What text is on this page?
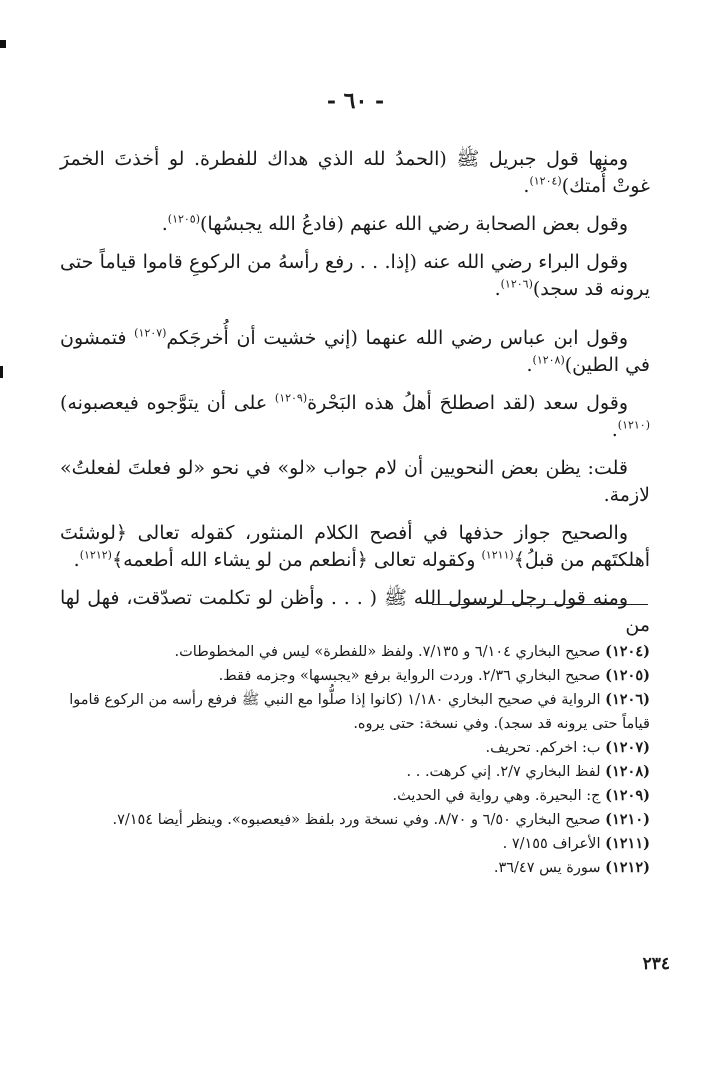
- ٦٠ -

ومنها قول جبريل ﷺ (الحمدُ لله الذي هداك للفطرة. لو أخذتَ الخمرَ غوتْ أُمتك)$^{(١٢٠٤)}$.

وقول بعض الصحابة رضي الله عنهم (فادعُ الله يجبسُها)$^{(١٢٠٥)}$.

وقول البراء رضي الله عنه (إذا. . . رفع رأسهُ من الركوعِ قاموا قياماً حتى يرونه قد سجد)$^{(١٢٠٦)}$.

وقول ابن عباس رضي الله عنهما (إني خشيت أن أُخرجَكم$^{(١٢٠٧)}$ فتمشون في الطين)$^{(١٢٠٨)}$.

وقول سعد (لقد اصطلحَ أهلُ هذه البَحْرة$^{(١٢٠٩)}$ على أن يتوَّجوه فيعصبونه)$^{(١٢١٠)}$.

قلت: يظن بعض النحويين أن لام جواب «لو» في نحو «لو فعلتَ لفعلتُ» لازمة.

والصحيح جواز حذفها في أفصح الكلام المنثور، كقوله تعالى ﴿لوشئتَ أهلكتَهم من قبلُ﴾$^{(١٢١١)}$ وكقوله تعالى ﴿أنطعم من لو يشاء الله أطعمه﴾$^{(١٢١٢)}$.

ومنه قول رجل لرسول الله ﷺ ( . . . وأظن لو تكلمت تصدّقت، فهل لها من

(١٢٠٤) صحيح البخاري ٦/١٠٤ و ٧/١٣٥. ولفظ «للفطرة» ليس في المخطوطات.

(١٢٠٥) صحيح البخاري ٢/٣٦. وردت الرواية برفع «يجبسها» وجزمه فقط.

(١٢٠٦) الرواية في صحيح البخاري ١/١٨٠ (كانوا إذا صلُّوا مع النبي ﷺ فرفع رأسه من الركوع قاموا قياماً حتى يرونه قد سجد). وفي نسخة: حتى يروه.

(١٢٠٧) ب: اخركم. تحريف.

(١٢٠٨) لفظ البخاري ٢/٧. إني كرهت. . .

(١٢٠٩) ج: البحيرة. وهي رواية في الحديث.

(١٢١٠) صحيح البخاري ٦/٥٠ و ٨/٧٠. وفي نسخة ورد بلفظ «فيعصبوه». وينظر أيضا ٧/١٥٤.

(١٢١١) الأعراف ٧/١٥٥ .

(١٢١٢) سورة يس ٣٦/٤٧.

٢٣٤
